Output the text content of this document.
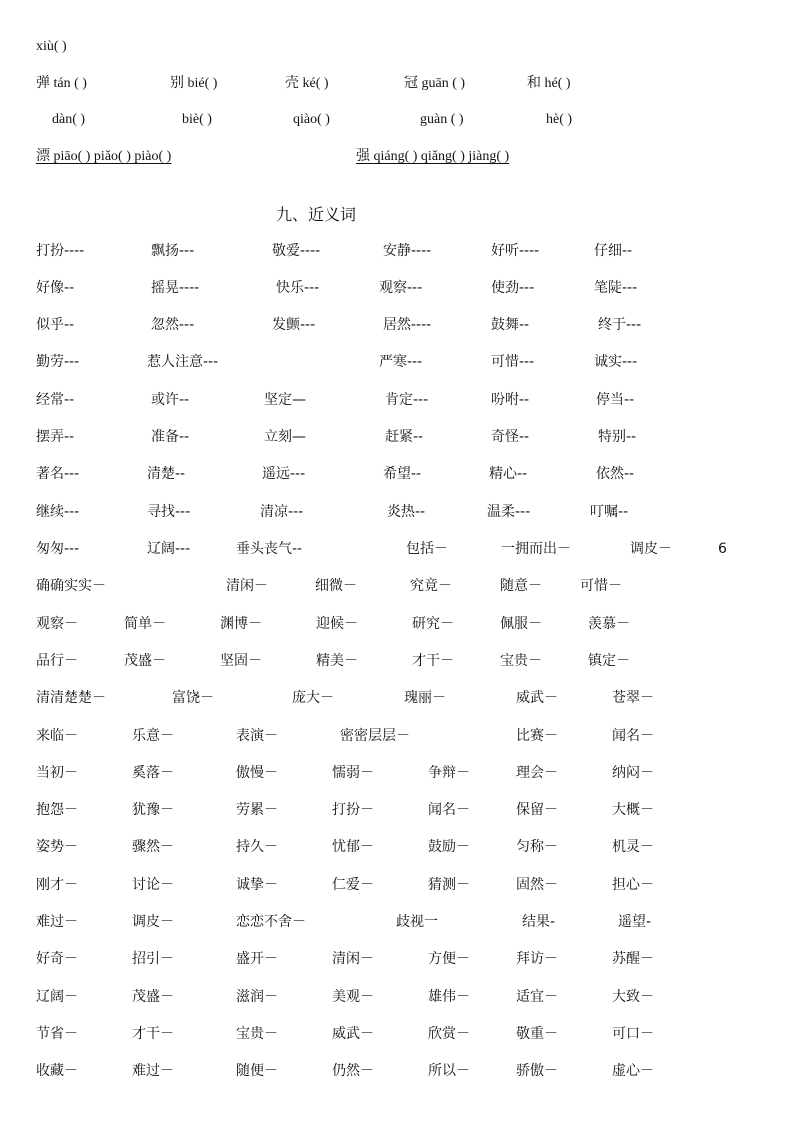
xiù( )
弹 tán ( )	别 bié( )	壳 ké( )	冠 guān ( )	和 hé( )
dàn( )	biè( )	qiào( )	guàn ( )	hè( )
漂 piāo( ) piǎo( ) piào( )	强 qiáng( ) qiǎng( ) jiàng( )
九、近义词
打扮----	飘扬---	敬爱----	安静----	好听----	仔细--
好像--	摇晃----	快乐---	观察---	使劲---	笔陡---
似乎--	忽然---	发颤---	居然----	鼓舞--	终于---
勤劳---	惹人注意---	严寒---	可惜---	诚实---
经常--	或许--	坚定—	肯定---	吩咐--	停当--
摆弄--	准备--	立刻—	赶紧--	奇怪--	特别--
著名---	清楚--	遥远---	希望--	精心--	依然--
继续---	寻找---	清凉---	炎热--	温柔---	叮嘱--
匆匆---	辽阔---	垂头丧气--	包括－	一拥而出－	调皮－	6
确确实实－	清闲－	细微－	究竟－	随意－	可惜－
观察－	简单－	渊博－	迎候－	研究－	佩服－	羡慕－
品行－	茂盛－	坚固－	精美－	才干－	宝贵－	镇定－
清清楚楚－	富饶－	庞大－	瑰丽－	威武－	苍翠－
来临－	乐意－	表演－	密密层层－	比赛－	闻名－
当初－	奚落－	傲慢－	懦弱－	争辩－	理会－	纳闷－
抱怨－	犹豫－	劳累－	打扮－	闻名－	保留－	大概－
姿势－	骤然－	持久－	忧郁－	鼓励－	匀称－	机灵－
刚才－	讨论－	诚挚－	仁爱－	猜测－	固然－	担心－
难过－	调皮－	恋恋不舍－	歧视一	结果-	遥望-
好奇－	招引－	盛开－	清闲－	方便－	拜访－	苏醒－
辽阔－	茂盛－	滋润－	美观－	雄伟－	适宜－	大致－
节省－	才干－	宝贵－	威武－	欣赏－	敬重－	可口－
收藏－	难过－	随便－	仍然－	所以－	骄傲－	虚心－
